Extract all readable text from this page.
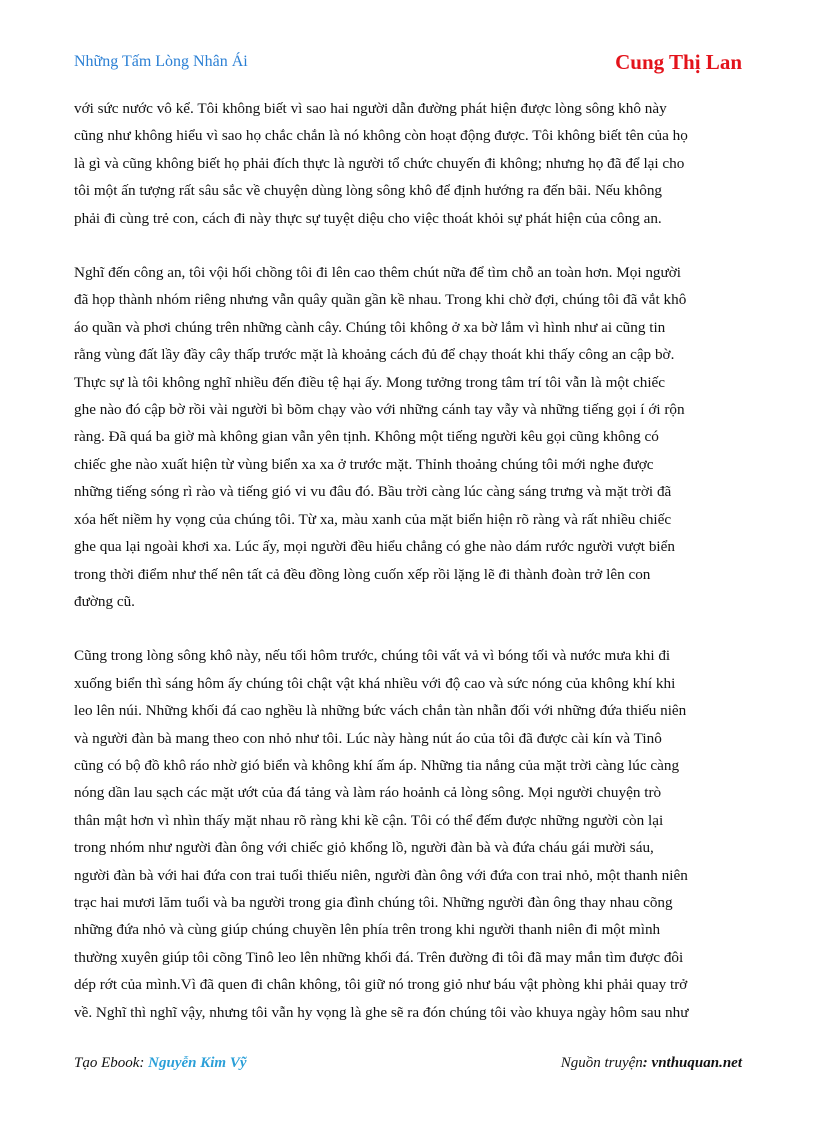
Những Tấm Lòng Nhân Ái	Cung Thị Lan

với sức nước vô kể. Tôi không biết vì sao hai người dẫn đường phát hiện được lòng sông khô này
cũng như không hiểu vì sao họ chắc chắn là nó không còn hoạt động được. Tôi không biết tên của họ
là gì và cũng không biết họ phải đích thực là người tổ chức chuyến đi không; nhưng họ đã để lại cho
tôi một ấn tượng rất sâu sắc về chuyện dùng lòng sông khô để định hướng ra đến bãi. Nếu không
phải đi cùng trẻ con, cách đi này thực sự tuyệt diệu cho việc thoát khỏi sự phát hiện của công an.

Nghĩ đến công an, tôi vội hối chồng tôi đi lên cao thêm chút nữa để tìm chỗ an toàn hơn. Mọi người
đã họp thành nhóm riêng nhưng vẫn quây quần gần kề nhau. Trong khi chờ đợi, chúng tôi đã vắt khô
áo quần và phơi chúng trên những cành cây. Chúng tôi không ở xa bờ lắm vì hình như ai cũng tin
rằng vùng đất lầy đầy cây thấp trước mặt là khoảng cách đủ để chạy thoát khi thấy công an cập bờ.
Thực sự là tôi không nghĩ nhiều đến điều tệ hại ấy. Mong tưởng trong tâm trí tôi vẫn là một chiếc
ghe nào đó cập bờ rồi vài người bì bõm chạy vào với những cánh tay vẫy và những tiếng gọi í ới rộn
ràng. Đã quá ba giờ mà không gian vẫn yên tịnh. Không một tiếng người kêu gọi cũng không có
chiếc ghe nào xuất hiện từ vùng biển xa xa ở trước mặt. Thỉnh thoảng chúng tôi mới nghe được
những tiếng sóng rì rào và tiếng gió vi vu đâu đó. Bầu trời càng lúc càng sáng trưng và mặt trời đã
xóa hết niềm hy vọng của chúng tôi. Từ xa, màu xanh của mặt biển hiện rõ ràng và rất nhiều chiếc
ghe qua lại ngoài khơi xa. Lúc ấy, mọi người đều hiểu chẳng có ghe nào dám rước người vượt biển
trong thời điểm như thế nên tất cả đều đồng lòng cuốn xếp rồi lặng lẽ đi thành đoàn trở lên con
đường cũ.

Cũng trong lòng sông khô này, nếu tối hôm trước, chúng tôi vất vả vì bóng tối và nước mưa khi đi
xuống biển thì sáng hôm ấy chúng tôi chật vật khá nhiều với độ cao và sức nóng của không khí khi
leo lên núi. Những khối đá cao nghều là những bức vách chắn tàn nhẫn đối với những đứa thiếu niên
và người đàn bà mang theo con nhỏ như tôi. Lúc này hàng nút áo của tôi đã được cài kín và Tinô
cũng có bộ đồ khô ráo nhờ gió biển và không khí ấm áp. Những tia nắng của mặt trời càng lúc càng
nóng dần lau sạch các mặt ướt của đá tảng và làm ráo hoảnh cả lòng sông. Mọi người chuyện trò
thân mật hơn vì nhìn thấy mặt nhau rõ ràng khi kề cận. Tôi có thể đếm được những người còn lại
trong nhóm như người đàn ông với chiếc giỏ khổng lồ, người đàn bà và đứa cháu gái mười sáu,
người đàn bà với hai đứa con trai tuổi thiếu niên, người đàn ông với đứa con trai nhỏ, một thanh niên
trạc hai mươi lăm tuổi và ba người trong gia đình chúng tôi. Những người đàn ông thay nhau cõng
những đứa nhỏ và cùng giúp chúng chuyền lên phía trên trong khi người thanh niên đi một mình
thường xuyên giúp tôi cõng Tinô leo lên những khối đá. Trên đường đi tôi đã may mắn tìm được đôi
dép rớt của mình.Vì đã quen đi chân không, tôi giữ nó trong giỏ như báu vật phòng khi phải quay trở
về. Nghĩ thì nghĩ vậy, nhưng tôi vẫn hy vọng là ghe sẽ ra đón chúng tôi vào khuya ngày hôm sau như

Tạo Ebook: Nguyễn Kim Vỹ	Nguồn truyện: vnthuquan.net
